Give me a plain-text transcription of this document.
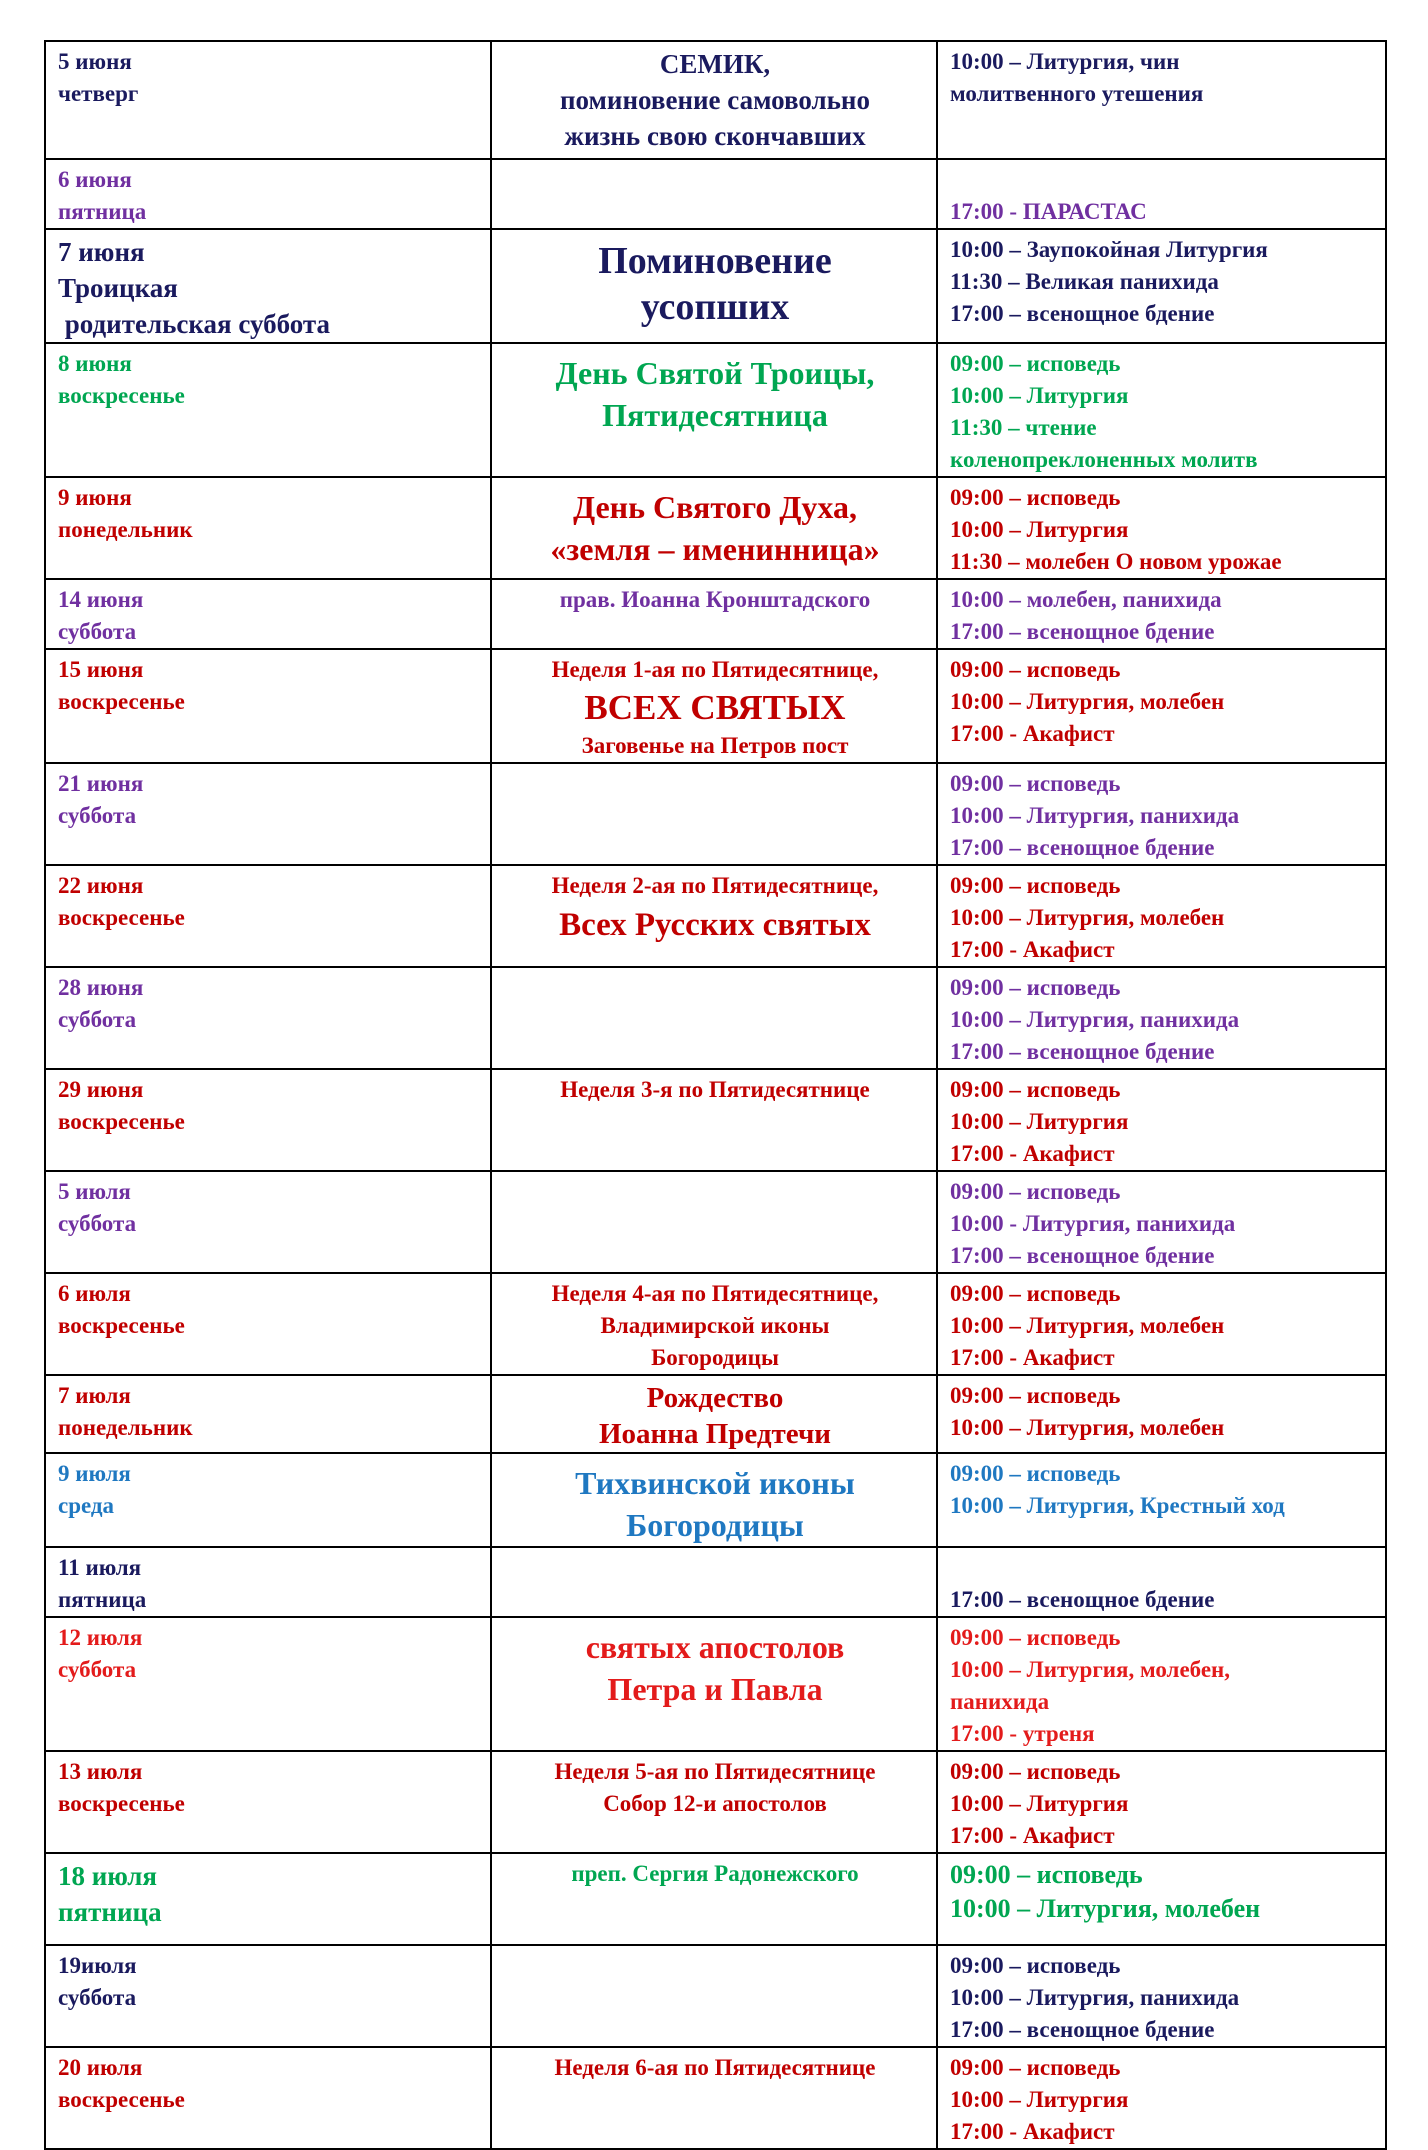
5 июня
четверг	СЕМИК,
поминовение самовольно
жизнь свою скончавших	10:00 – Литургия, чин
молитвенного утешения

6 июня
пятница		17:00 - ПАРАСТАС

7 июня
Троицкая
родительская суббота	Поминовение
усопших	10:00 – Заупокойная Литургия
11:30 – Великая панихида
17:00 – всенощное бдение

8 июня
воскресенье	День Святой Троицы,
Пятидесятница	09:00 – исповедь
10:00 – Литургия
11:30 – чтение
коленопреклоненных молитв

9 июня
понедельник	День Святого Духа,
«земля – именинница»	09:00 – исповедь
10:00 – Литургия
11:30 – молебен О новом урожае

14 июня
суббота	прав. Иоанна Кронштадского	10:00 – молебен, панихида
17:00 – всенощное бдение

15 июня
воскресенье	Неделя 1-ая по Пятидесятнице,
ВСЕХ СВЯТЫХ
Заговенье на Петров пост	09:00 – исповедь
10:00 – Литургия, молебен
17:00 - Акафист

21 июня
суббота		09:00 – исповедь
10:00 – Литургия, панихида
17:00 – всенощное бдение

22 июня
воскресенье	Неделя 2-ая по Пятидесятнице,
Всех Русских святых	09:00 – исповедь
10:00 – Литургия, молебен
17:00 - Акафист

28 июня
суббота		09:00 – исповедь
10:00 – Литургия, панихида
17:00 – всенощное бдение

29 июня
воскресенье	Неделя 3-я по Пятидесятнице	09:00 – исповедь
10:00 – Литургия
17:00 - Акафист

5 июля
суббота		09:00 – исповедь
10:00 - Литургия, панихида
17:00 – всенощное бдение

6 июля
воскресенье	Неделя 4-ая по Пятидесятнице,
Владимирской иконы
Богородицы	09:00 – исповедь
10:00 – Литургия, молебен
17:00 - Акафист

7 июля
понедельник	Рождество
Иоанна Предтечи	09:00 – исповедь
10:00 – Литургия, молебен

9 июля
среда	Тихвинской иконы
Богородицы	09:00 – исповедь
10:00 – Литургия, Крестный ход

11 июля
пятница		17:00 – всенощное бдение

12 июля
суббота	святых апостолов
Петра и Павла	09:00 – исповедь
10:00 – Литургия, молебен,
панихида
17:00 - утреня

13 июля
воскресенье	Неделя 5-ая по Пятидесятнице
Собор 12-и апостолов	09:00 – исповедь
10:00 – Литургия
17:00 - Акафист

18 июля
пятница	преп. Сергия Радонежского	09:00 – исповедь
10:00 – Литургия, молебен

19июля
суббота		09:00 – исповедь
10:00 – Литургия, панихида
17:00 – всенощное бдение

20 июля
воскресенье	Неделя 6-ая по Пятидесятнице	09:00 – исповедь
10:00 – Литургия
17:00 - Акафист
